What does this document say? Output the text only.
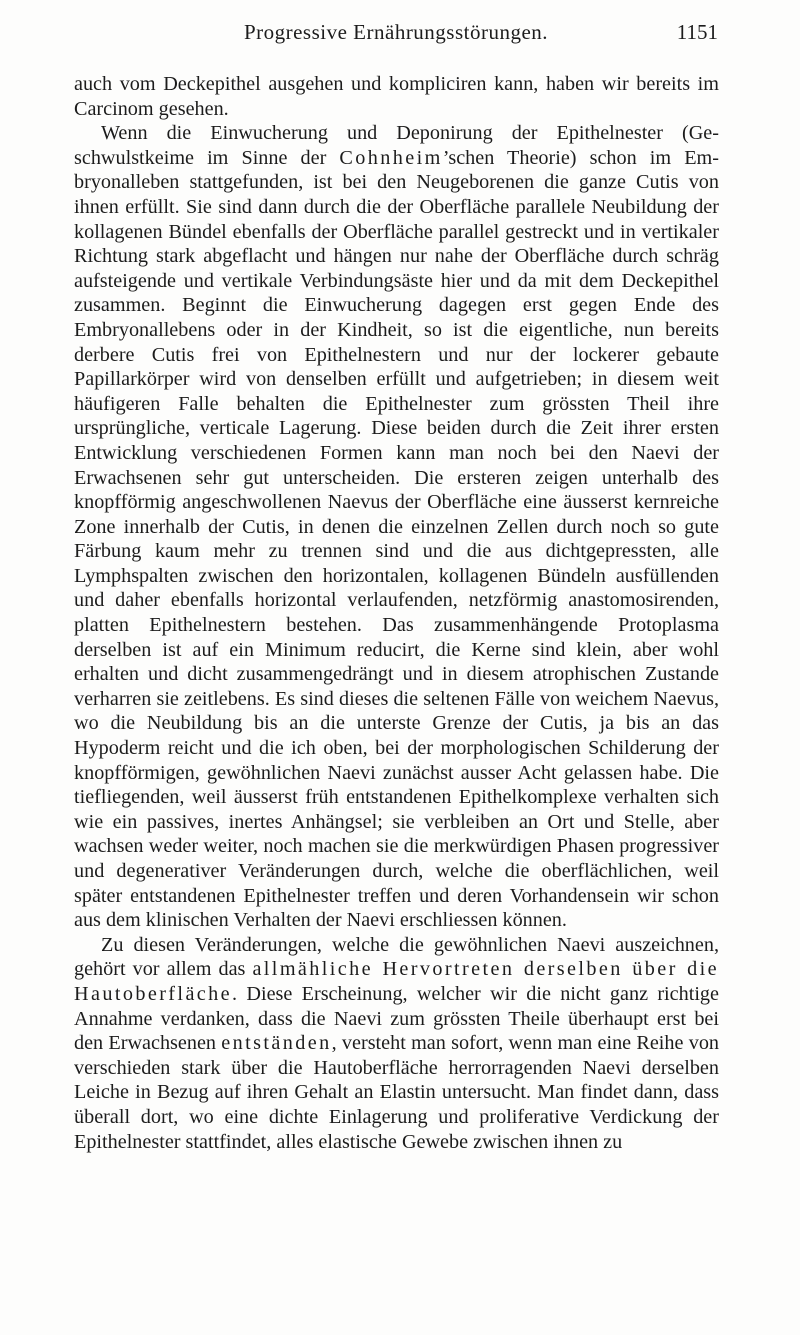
Progressive Ernährungsstörungen.	1151

auch vom Deckepithel ausgehen und kompliciren kann, haben wir bereits im Carcinom gesehen.

Wenn die Einwucherung und Deponirung der Epithelnester (Geschwulstkeime im Sinne der Cohnheim’schen Theorie) schon im Embryonalleben stattgefunden, ist bei den Neugeborenen die ganze Cutis von ihnen erfüllt. Sie sind dann durch die der Oberfläche parallele Neubildung der kollagenen Bündel ebenfalls der Oberfläche parallel gestreckt und in vertikaler Richtung stark abgeflacht und hängen nur nahe der Oberfläche durch schräg aufsteigende und vertikale Verbindungsäste hier und da mit dem Deckepithel zusammen. Beginnt die Einwucherung dagegen erst gegen Ende des Embryonallebens oder in der Kindheit, so ist die eigentliche, nun bereits derbere Cutis frei von Epithelnestern und nur der lockerer gebaute Papillarkörper wird von denselben erfüllt und aufgetrieben; in diesem weit häufigeren Falle behalten die Epithelnester zum grössten Theil ihre ursprüngliche, verticale Lagerung. Diese beiden durch die Zeit ihrer ersten Entwicklung verschiedenen Formen kann man noch bei den Naevi der Erwachsenen sehr gut unterscheiden. Die ersteren zeigen unterhalb des knopfförmig angeschwollenen Naevus der Oberfläche eine äusserst kernreiche Zone innerhalb der Cutis, in denen die einzelnen Zellen durch noch so gute Färbung kaum mehr zu trennen sind und die aus dichtgepressten, alle Lymphspalten zwischen den horizontalen, kollagenen Bündeln ausfüllenden und daher ebenfalls horizontal verlaufenden, netzförmig anastomosirenden, platten Epithelnestern bestehen. Das zusammenhängende Protoplasma derselben ist auf ein Minimum reducirt, die Kerne sind klein, aber wohl erhalten und dicht zusammengedrängt und in diesem atrophischen Zustande verharren sie zeitlebens. Es sind dieses die seltenen Fälle von weichem Naevus, wo die Neubildung bis an die unterste Grenze der Cutis, ja bis an das Hypoderm reicht und die ich oben, bei der morphologischen Schilderung der knopfförmigen, gewöhnlichen Naevi zunächst ausser Acht gelassen habe. Die tiefliegenden, weil äusserst früh entstandenen Epithelkomplexe verhalten sich wie ein passives, inertes Anhängsel; sie verbleiben an Ort und Stelle, aber wachsen weder weiter, noch machen sie die merkwürdigen Phasen progressiver und degenerativer Veränderungen durch, welche die oberflächlichen, weil später entstandenen Epithelnester treffen und deren Vorhandensein wir schon aus dem klinischen Verhalten der Naevi erschliessen können.

Zu diesen Veränderungen, welche die gewöhnlichen Naevi auszeichnen, gehört vor allem das allmähliche Hervortreten derselben über die Hautoberfläche. Diese Erscheinung, welcher wir die nicht ganz richtige Annahme verdanken, dass die Naevi zum grössten Theile überhaupt erst bei den Erwachsenen entständen, versteht man sofort, wenn man eine Reihe von verschieden stark über die Hautoberfläche herrorragenden Naevi derselben Leiche in Bezug auf ihren Gehalt an Elastin untersucht. Man findet dann, dass überall dort, wo eine dichte Einlagerung und proliferative Verdickung der Epithelnester stattfindet, alles elastische Gewebe zwischen ihnen zu
